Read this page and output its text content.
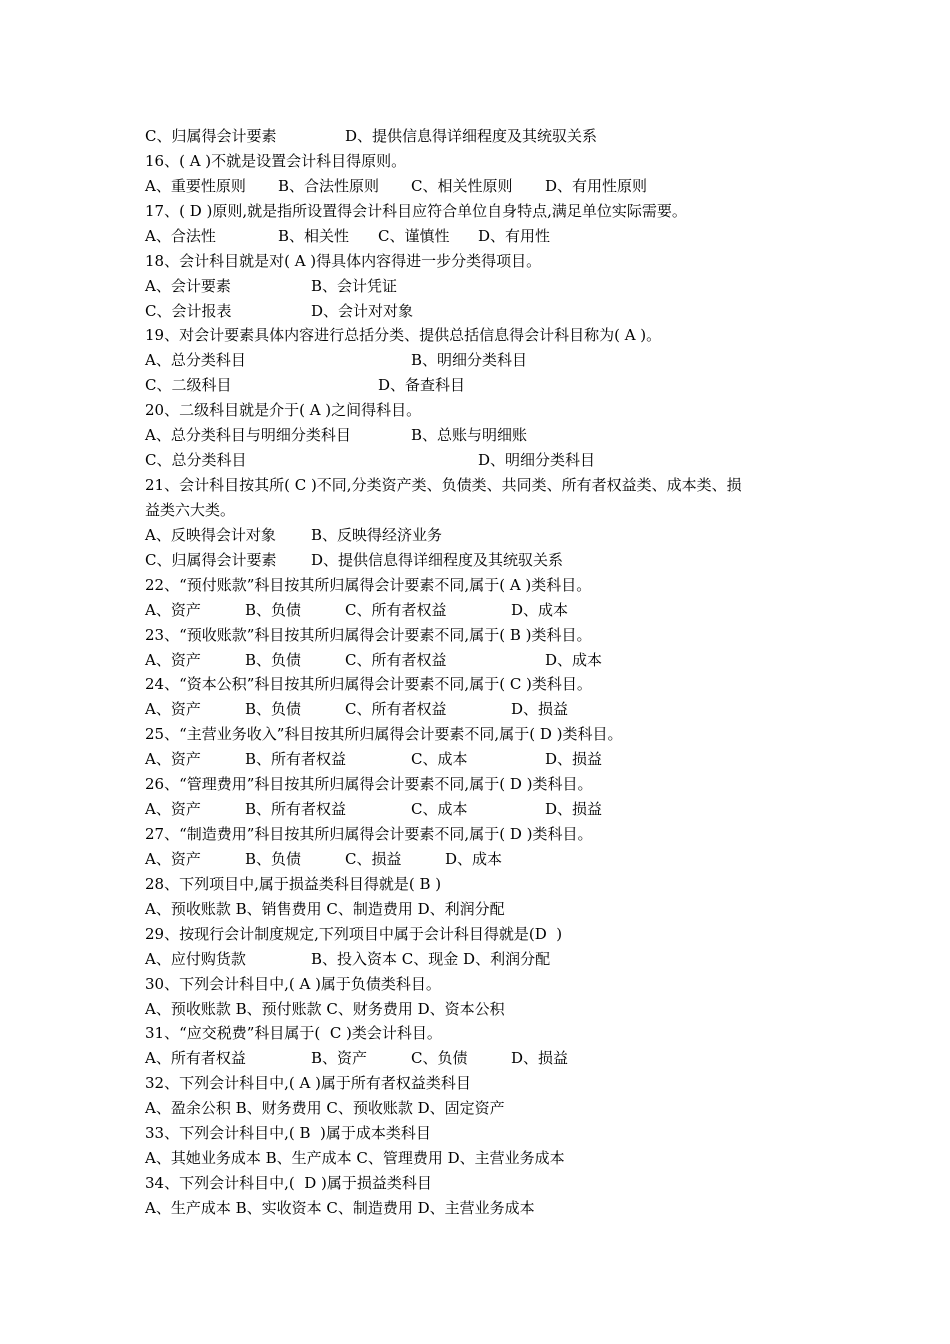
C、归属得会计要素	D、提供信息得详细程度及其统驭关系
16、( A )不就是设置会计科目得原则。
A、重要性原则 B、合法性原则 C、相关性原则 D、有用性原则
17、( D )原则,就是指所设置得会计科目应符合单位自身特点,满足单位实际需要。
A、合法性	B、相关性 C、谨慎性 D、有用性
18、会计科目就是对( A )得具体内容得进一步分类得项目。
A、会计要素	B、会计凭证
C、会计报表	D、会计对对象
19、对会计要素具体内容进行总括分类、提供总括信息得会计科目称为( A )。
A、总分类科目	B、明细分类科目
C、二级科目	D、备查科目
20、二级科目就是介于( A )之间得科目。
A、总分类科目与明细分类科目	B、总账与明细账
C、总分类科目	D、明细分类科目
21、会计科目按其所( C )不同,分类资产类、负债类、共同类、所有者权益类、成本类、损
益类六大类。
A、反映得会计对象 B、反映得经济业务
C、归属得会计要素 D、提供信息得详细程度及其统驭关系
22、“预付账款”科目按其所归属得会计要素不同,属于( A )类科目。
A、资产	B、负债	C、所有者权益	D、成本
23、“预收账款”科目按其所归属得会计要素不同,属于( B )类科目。
A、资产	B、负债	C、所有者权益	D、成本
24、“资本公积”科目按其所归属得会计要素不同,属于( C )类科目。
A、资产	B、负债	C、所有者权益	D、损益
25、“主营业务收入”科目按其所归属得会计要素不同,属于( D )类科目。
A、资产	B、所有者权益	C、成本	D、损益
26、“管理费用”科目按其所归属得会计要素不同,属于( D )类科目。
A、资产	B、所有者权益	C、成本	D、损益
27、“制造费用”科目按其所归属得会计要素不同,属于( D )类科目。
A、资产	B、负债	C、损益	D、成本
28、下列项目中,属于损益类科目得就是( B )
A、预收账款 B、销售费用 C、制造费用 D、利润分配
29、按现行会计制度规定,下列项目中属于会计科目得就是(D  )
A、应付购货款	B、投入资本 C、现金 D、利润分配
30、下列会计科目中,( A )属于负债类科目。
A、预收账款 B、预付账款 C、财务费用 D、资本公积
31、“应交税费”科目属于(  C )类会计科目。
A、所有者权益	B、资产	C、负债	D、损益
32、下列会计科目中,( A )属于所有者权益类科目
A、盈余公积 B、财务费用 C、预收账款 D、固定资产
33、下列会计科目中,( B  )属于成本类科目
A、其她业务成本 B、生产成本 C、管理费用 D、主营业务成本
34、下列会计科目中,(  D )属于损益类科目
A、生产成本 B、实收资本 C、制造费用 D、主营业务成本
